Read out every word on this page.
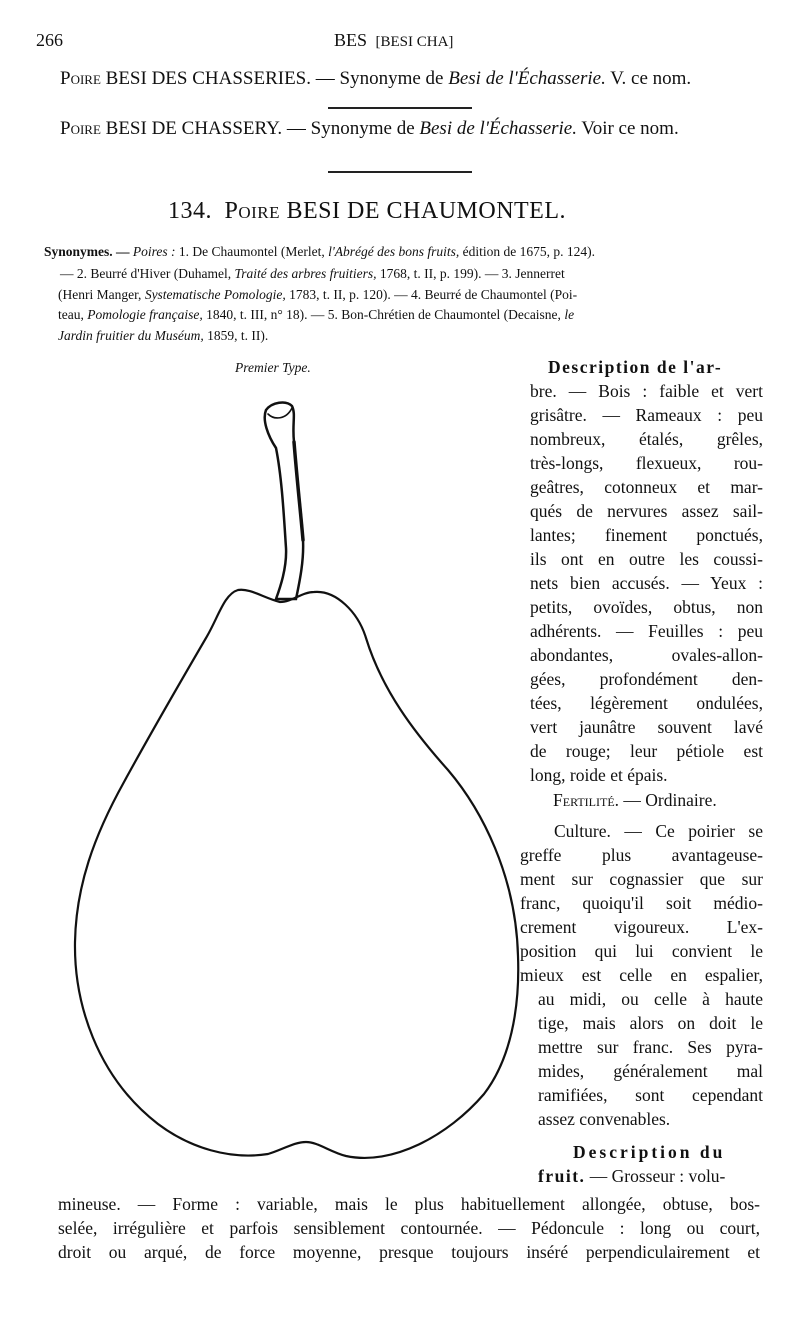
266	BES [BESI CHA]
Poire BESI DES CHASSERIES. — Synonyme de Besi de l'Échasserie. V. ce nom.
Poire BESI DE CHASSERY. — Synonyme de Besi de l'Échasserie. Voir ce nom.
134. Poire BESI DE CHAUMONTEL.
Synonymes. — Poires : 1. De Chaumontel (Merlet, l'Abrégé des bons fruits, édition de 1675, p. 124).
— 2. Beurré d'Hiver (Duhamel, Traité des arbres fruitiers, 1768, t. II, p. 199). — 3. Jennerret
(Henri Manger, Systematische Pomologie, 1783, t. II, p. 120). — 4. Beurré de Chaumontel (Poi-
teau, Pomologie française, 1840, t. III, n° 18). — 5. Bon-Chrétien de Chaumontel (Decaisne, le
Jardin fruitier du Muséum, 1859, t. II).
Premier Type.	Description de l'ar-
bre. — Bois : faible et vert
grisâtre. — Rameaux : peu
nombreux, étalés, grêles,
très-longs, flexueux, rou-
geâtres, cotonneux et mar-
qués de nervures assez sail-
lantes; finement ponctués,
ils ont en outre les coussi-
nets bien accusés. — Yeux :
petits, ovoïdes, obtus, non
adhérents. — Feuilles : peu
abondantes, ovales-allon-
gées, profondément den-
tées, légèrement ondulées,
vert jaunâtre souvent lavé
de rouge; leur pétiole est
long, roide et épais.
Fertilité. — Ordinaire.
Culture. — Ce poirier se
greffe plus avantageuse-
ment sur cognassier que sur
franc, quoiqu'il soit médio-
crement vigoureux. L'ex-
position qui lui convient le
mieux est celle en espalier,
au midi, ou celle à haute
tige, mais alors on doit le
mettre sur franc. Ses pyra-
mides, généralement mal
ramifiées, sont cependant
assez convenables.
Description du
fruit. — Grosseur : volu-
mineuse. — Forme : variable, mais le plus habituellement allongée, obtuse, bos-
selée, irrégulière et parfois sensiblement contournée. — Pédoncule : long ou court,
droit ou arqué, de force moyenne, presque toujours inséré perpendiculairement et
